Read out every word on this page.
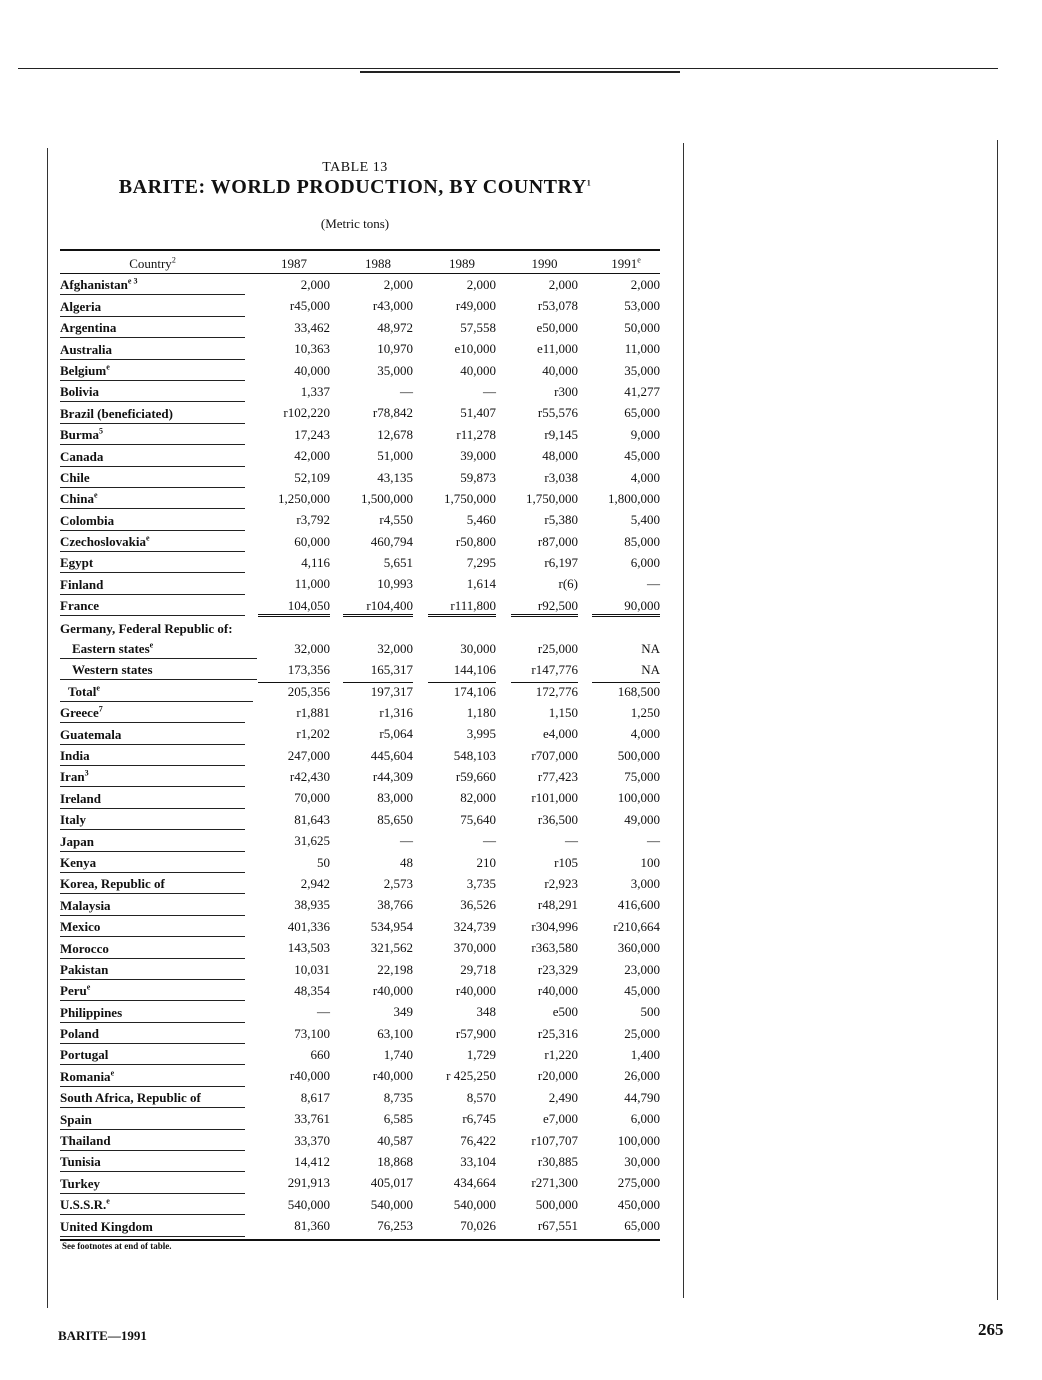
TABLE 13
BARITE: WORLD PRODUCTION, BY COUNTRY$^1$
(Metric tons)
Country$^2$	1987	1988	1989	1990	1991e
Afghanistan$^{e 3}$	2,000	2,000	2,000	2,000	2,000
Algeria	r45,000	r43,000	r49,000	r53,078	53,000
Argentina	33,462	48,972	57,558	e50,000	50,000
Australia	10,363	10,970	e10,000	e11,000	11,000
Belgium$^e$	40,000	35,000	40,000	40,000	35,000
Bolivia	1,337	—	—	r300	41,277
Brazil (beneficiated)	r102,220	r78,842	51,407	r55,576	65,000
Burma$^5$	17,243	12,678	r11,278	r9,145	9,000
Canada	42,000	51,000	39,000	48,000	45,000
Chile	52,109	43,135	59,873	r3,038	4,000
China$^e$	1,250,000	1,500,000	1,750,000	1,750,000	1,800,000
Colombia	r3,792	r4,550	5,460	r5,380	5,400
Czechoslovakia$^e$	60,000	460,794	r50,800	r87,000	85,000
Egypt	4,116	5,651	7,295	r6,197	6,000
Finland	11,000	10,993	1,614	r(6)	—
France	104,050	r104,400	r111,800	r92,500	90,000
Germany, Federal Republic of:
Eastern states$^e$	32,000	32,000	30,000	r25,000	NA
Western states	173,356	165,317	144,106	r147,776	NA
Total$^e$	205,356	197,317	174,106	172,776	168,500
Greece$^7$	r1,881	r1,316	1,180	1,150	1,250
Guatemala	r1,202	r5,064	3,995	e4,000	4,000
India	247,000	445,604	548,103	r707,000	500,000
Iran$^3$	r42,430	r44,309	r59,660	r77,423	75,000
Ireland	70,000	83,000	82,000	r101,000	100,000
Italy	81,643	85,650	75,640	r36,500	49,000
Japan	31,625	—	—	—	—
Kenya	50	48	210	r105	100
Korea, Republic of	2,942	2,573	3,735	r2,923	3,000
Malaysia	38,935	38,766	36,526	r48,291	416,600
Mexico	401,336	534,954	324,739	r304,996	r210,664
Morocco	143,503	321,562	370,000	r363,580	360,000
Pakistan	10,031	22,198	29,718	r23,329	23,000
Peru$^e$	48,354	r40,000	r40,000	r40,000	45,000
Philippines	—	349	348	e500	500
Poland	73,100	63,100	r57,900	r25,316	25,000
Portugal	660	1,740	1,729	r1,220	1,400
Romania$^e$	r40,000	r40,000	r 425,250	r20,000	26,000
South Africa, Republic of	8,617	8,735	8,570	2,490	44,790
Spain	33,761	6,585	r6,745	e7,000	6,000
Thailand	33,370	40,587	76,422	r107,707	100,000
Tunisia	14,412	18,868	33,104	r30,885	30,000
Turkey	291,913	405,017	434,664	r271,300	275,000
U.S.S.R.$^e$	540,000	540,000	540,000	500,000	450,000
United Kingdom	81,360	76,253	70,026	r67,551	65,000
See footnotes at end of table.
BARITE—1991	265
